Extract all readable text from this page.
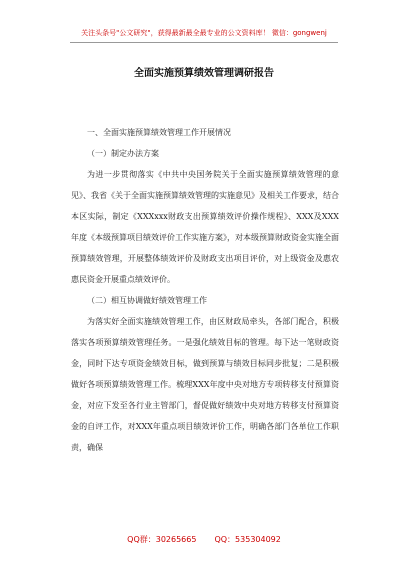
关注头条号"公文研究"，获得最新最全最专业的公文资料库！ 微信：gongwenj
全面实施预算绩效管理调研报告

一、全面实施预算绩效管理工作开展情况

（一）制定办法方案

为进一步贯彻落实《中共中央国务院关于全面实施预算绩效管理的意见》、我省《关于全面实施预算绩效管理的实施意见》及相关工作要求，结合本区实际，制定《XXXxxx财政支出预算绩效评价操作规程》、XXX及XXX年度《本级预算项目绩效评价工作实施方案》，对本级预算财政资金实施全面预算绩效管理，开展整体绩效评价及财政支出项目评价，对上级资金及惠农惠民资金开展重点绩效评价。

（二）相互协调做好绩效管理工作

为落实好全面实施绩效管理工作，由区财政局牵头，各部门配合，积极落实各项预算绩效管理任务。一是强化绩效目标的管理。每下达一笔财政资金，同时下达专项资金绩效目标，做到预算与绩效目标同步批复；二是积极做好各项预算绩效管理工作。梳理XXX年度中央对地方专项转移支付预算资金，对应下发至各行业主管部门，督促做好绩效中央对地方转移支付预算资金的自评工作，对XXX年重点项目绩效评价工作，明确各部门各单位工作职责，确保

QQ群：30265665 QQ：535304092
